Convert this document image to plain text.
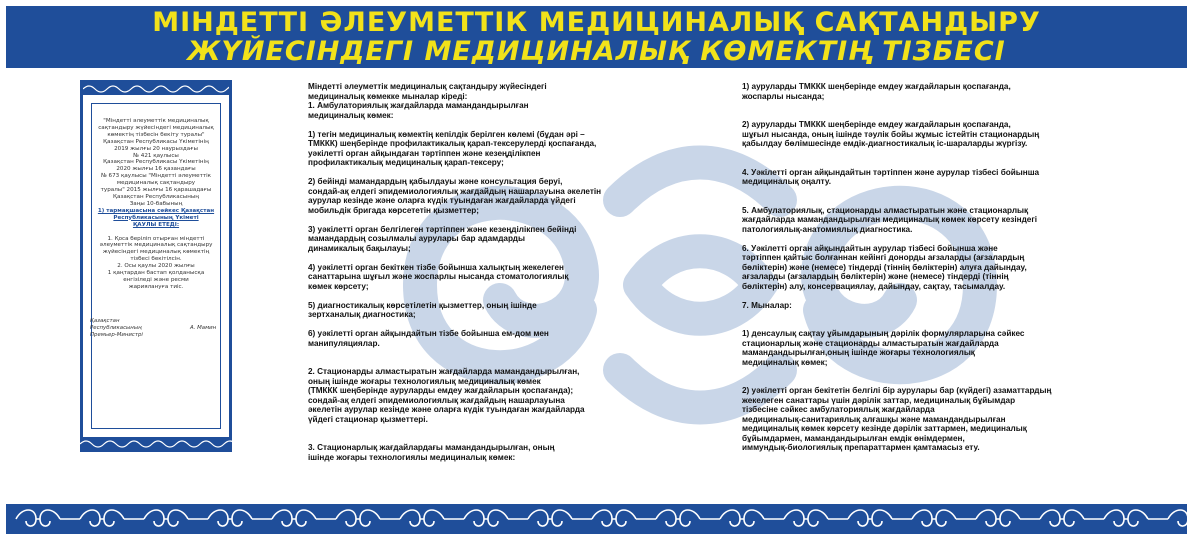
МІНДЕТТІ ӘЛЕУМЕТТІК МЕДИЦИНАЛЫҚ САҚТАНДЫРУ
ЖҮЙЕСІНДЕГІ МЕДИЦИНАЛЫҚ КӨМЕКТІҢ ТІЗБЕСІ
"Міндетті әлеуметтік медициналық
сақтандыру жүйесіндегі медициналық
көмектің тізбесін бекіту туралы"
Қазақстан Республикасы Үкіметінің
2019 жылғы 20 наурыздағы
№ 421 қаулысы
Қазақстан Республикасы Үкіметінің
2020 жылғы 16 қазандағы
№ 673 қаулысы "Міндетті әлеуметтік
медициналық сақтандыру
туралы" 2015 жылғы 16 қарашадағы
Қазақстан Республикасының
Заңы 10-бабының
1) тармақшасына сәйкес Қазақстан
Республикасының Үкіметі
ҚАУЛЫ ЕТЕДІ:
1. Қоса беріліп отырған міндетті
әлеуметтік медициналық сақтандыру
жүйесіндегі медициналық көмектің
тізбесі бекітілсін.
2. Осы қаулы 2020 жылғы
1 қаңтардан бастап қолданысқа
енгізіледі және ресми
жариялануға тиіс.
Қазақстан
Республикасының
Премьер-Министрі
А. Мамин

Міндетті әлеуметтік медициналық сақтандыру жүйесіндегі

медициналық көмекке мыналар кіреді:

1. Амбулаториялық жағдайларда мамандандырылған

медициналық көмек:

1) тегін медициналық көмектің кепілдік берілген көлемі (бұдан әрі –

ТМККК) шеңберінде профилактикалық қарап-тексерулерді қоспағанда,

уәкілетті орган айқындаған тәртіппен және кезеңділікпен

профилактикалық медициналық қарап-тексеру;

2) бейінді мамандардың қабылдауы және консультация беруі,

сондай-ақ елдегі эпидемиологиялық жағдайдың нашарлауына әкелетін

аурулар кезінде және оларға күдік туындаған жағдайларда үйдегі

мобильдік бригада көрсететін қызметтер;

3) уәкілетті орган белгілеген тәртіппен және кезеңділікпен бейінді

мамандардың созылмалы аурулары бар адамдарды

динамикалық бақылауы;

4) уәкілетті орган бекіткен тізбе бойынша халықтың жекелеген

санаттарына шұғыл және жоспарлы нысанда стоматологиялық

көмек көрсету;

5) диагностикалық көрсетілетін қызметтер, оның ішінде

зертханалық диагностика;

6) уәкілетті орган айқындайтын тізбе бойынша ем-дом мен

манипуляциялар.

2. Стационарды алмастыратын жағдайларда мамандандырылған,

оның ішінде жоғары технологиялық медициналық көмек

(ТМККК шеңберінде ауруларды емдеу жағдайларын қоспағанда);

сондай-ақ елдегі эпидемиологиялық жағдайдың нашарлауына

әкелетін аурулар кезінде және оларға күдік туындаған жағдайларда

үйдегі стационар қызметтері.

3. Стационарлық жағдайлардағы мамандандырылған, оның

ішінде жоғары технологиялы медициналық көмек:

1) ауруларды ТМККК шеңберінде емдеу жағдайларын қоспағанда,

жоспарлы нысанда;

2) ауруларды ТМККК шеңберінде емдеу жағдайларын қоспағанда,

шұғыл нысанда, оның ішінде тәулік бойы жұмыс істейтін стационардың

қабылдау бөлімшесінде емдік-диагностикалық іс-шараларды жүргізу.

4. Уәкілетті орган айқындайтын тәртіппен және аурулар тізбесі бойынша

медициналық оңалту.

5. Амбулаториялық, стационарды алмастыратын және стационарлық

жағдайларда мамандандырылған медициналық көмек көрсету кезіндегі

патологиялық-анатомиялық диагностика.

6. Уәкілетті орган айқындайтын аурулар тізбесі бойынша және

тәртіппен қайтыс болғаннан кейінгі донорды ағзаларды (ағзалардың

бөліктерін) және (немесе) тіндерді (тіннің бөліктерін) алуға дайындау,

ағзаларды (ағзалардың бөліктерін) және (немесе) тіндерді (тіннің

бөліктерін) алу, консервациялау, дайындау, сақтау, тасымалдау.

7. Мыналар:

1) денсаулық сақтау ұйымдарының дәрілік формулярларына сәйкес

стационарлық және стационарды алмастыратын жағдайларда

мамандандырылған,оның ішінде жоғары технологиялық

медициналық көмек;

2) уәкілетті орган бекітетін белгілі бір аурулары бар (күйдегі) азаматтардың

жекелеген санаттары үшін дәрілік заттар, медициналық бұйымдар

тізбесіне сәйкес амбулаториялық жағдайларда

медициналық-санитариялық алғашқы және мамандандырылған

медициналық көмек көрсету кезінде дәрілік заттармен, медициналық

бұйымдармен, мамандандырылған емдік өнімдермен,

иммундық-биологиялық препараттармен қамтамасыз ету.
